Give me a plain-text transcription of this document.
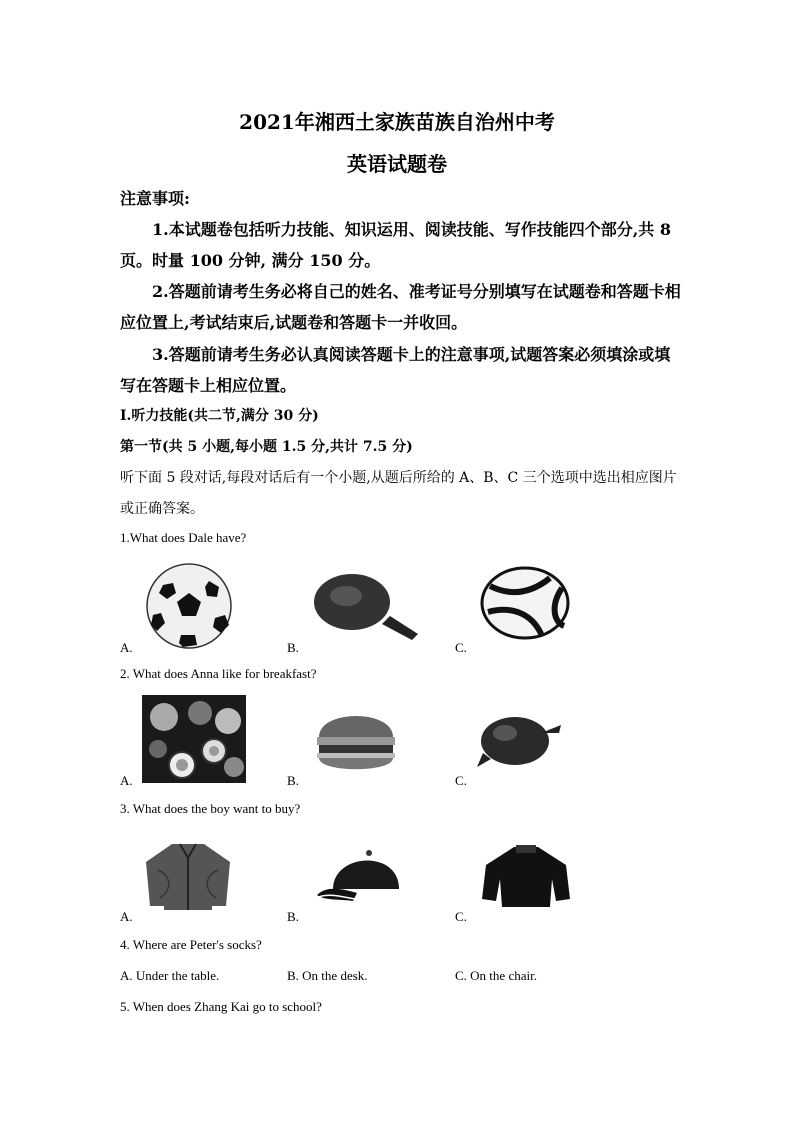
2021年湘西土家族苗族自治州中考
英语试题卷
注意事项:
1.本试题卷包括听力技能、知识运用、阅读技能、写作技能四个部分,共 8
页。时量 100 分钟, 满分 150 分。
2.答题前请考生务必将自己的姓名、准考证号分别填写在试题卷和答题卡相
应位置上,考试结束后,试题卷和答题卡一并收回。
3.答题前请考生务必认真阅读答题卡上的注意事项,试题答案必须填涂或填
写在答题卡上相应位置。
Ⅰ.听力技能(共二节,满分 30 分)
第一节(共 5 小题,每小题 1.5 分,共计 7.5 分)
听下面 5 段对话,每段对话后有一个小题,从题后所给的 A、B、C 三个选项中选出相应图片
或正确答案。
1.What does Dale have?
A.	B.	C.
2. What does Anna like for breakfast?
A.	B.	C.
3. What does the boy want to buy?
A.	B.	C.
4. Where are Peter's socks?
A. Under the table.	B. On the desk.	C. On the chair.
5. When does Zhang Kai go to school?
